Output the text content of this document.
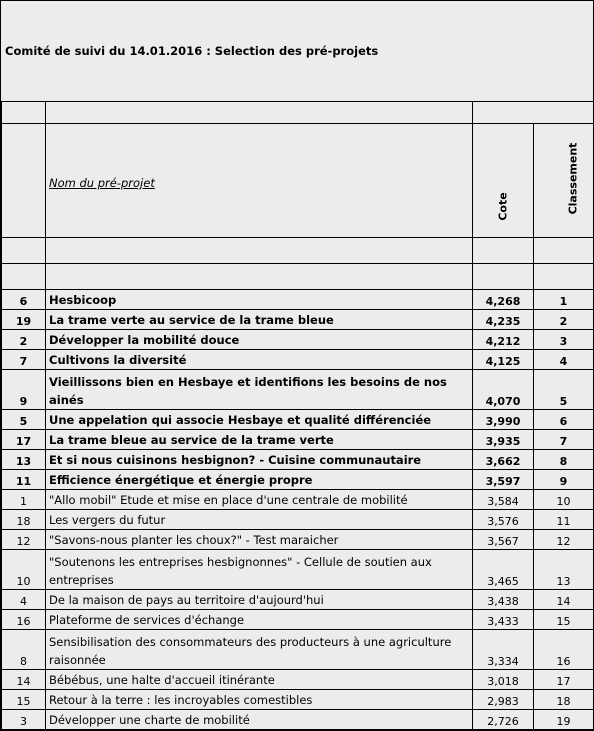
Comité de suivi du 14.01.2016 : Selection des pré-projets

	Nom du pré-projet	Cote	Classement

6	Hesbicoop	4,268	1
19	La trame verte au service de la trame bleue	4,235	2
2	Développer la mobilité douce	4,212	3
7	Cultivons la diversité	4,125	4
9	Vieillissons bien en Hesbaye et identifions les besoins de nos ainés	4,070	5
5	Une appelation qui associe Hesbaye et qualité différenciée	3,990	6
17	La trame bleue au service de la trame verte	3,935	7
13	Et si nous cuisinons hesbignon? - Cuisine communautaire	3,662	8
11	Efficience énergétique et énergie propre	3,597	9
1	"Allo mobil" Etude et mise en place d'une centrale de mobilité	3,584	10
18	Les vergers du futur	3,576	11
12	"Savons-nous planter les choux?" - Test maraicher	3,567	12
10	"Soutenons les entreprises hesbignonnes" - Cellule de soutien aux entreprises	3,465	13
4	De la maison de pays au territoire d'aujourd'hui	3,438	14
16	Plateforme de services d'échange	3,433	15
8	Sensibilisation des consommateurs des producteurs à une agriculture raisonnée	3,334	16
14	Bébébus, une halte d'accueil itinérante	3,018	17
15	Retour à la terre : les incroyables comestibles	2,983	18
3	Développer une charte de mobilité	2,726	19
